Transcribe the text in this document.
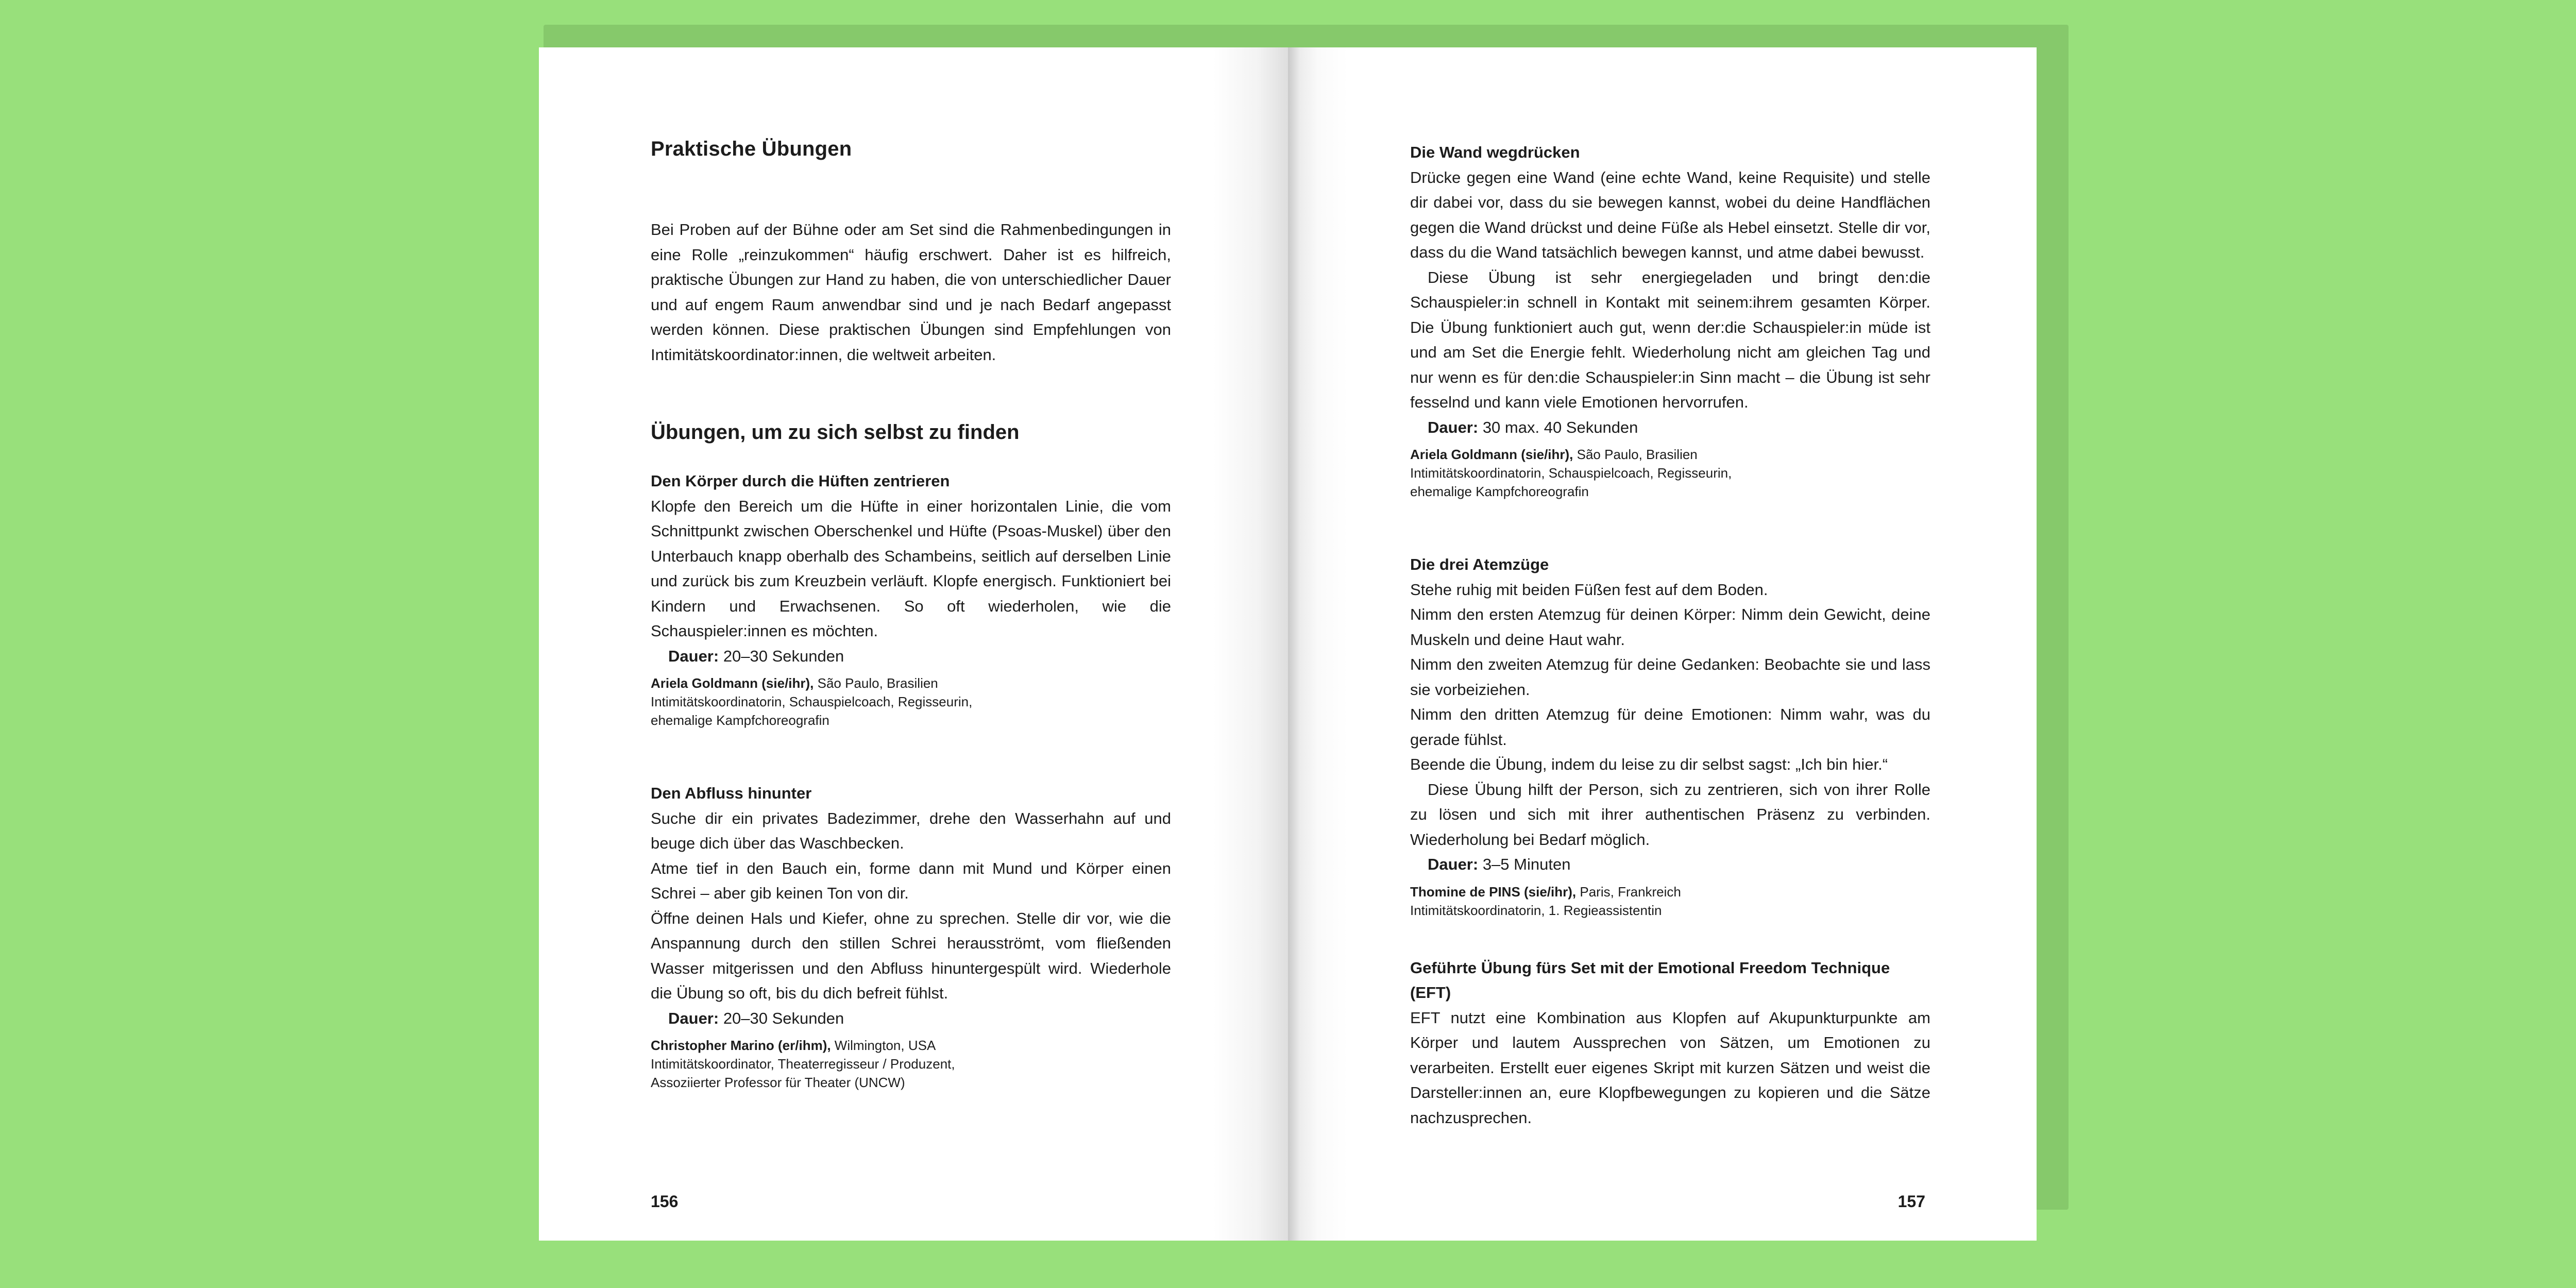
Praktische Übungen

Bei Proben auf der Bühne oder am Set sind die Rahmenbedingungen in eine Rolle „reinzukommen“ häufig erschwert. Daher ist es hilfreich, praktische Übungen zur Hand zu haben, die von unterschiedlicher Dauer und auf engem Raum anwendbar sind und je nach Bedarf angepasst werden können. Diese praktischen Übungen sind Empfehlungen von Intimitätskoordinator:innen, die weltweit arbeiten.

Übungen, um zu sich selbst zu finden
Den Körper durch die Hüften zentrieren

Klopfe den Bereich um die Hüfte in einer horizontalen Linie, die vom Schnittpunkt zwischen Oberschenkel und Hüfte (Psoas-Muskel) über den Unterbauch knapp oberhalb des Schambeins, seitlich auf derselben Linie und zurück bis zum Kreuzbein verläuft. Klopfe energisch. Funktioniert bei Kindern und Erwachsenen. So oft wiederholen, wie die Schauspieler:innen es möchten.

Dauer: 20–30 Sekunden
Ariela Goldmann (sie/ihr), São Paulo, Brasilien
Intimitätskoordinatorin, Schauspielcoach, Regisseurin,
ehemalige Kampfchoreografin
Den Abfluss hinunter

Suche dir ein privates Badezimmer, drehe den Wasserhahn auf und beuge dich über das Waschbecken.

Atme tief in den Bauch ein, forme dann mit Mund und Körper einen Schrei – aber gib keinen Ton von dir.

Öffne deinen Hals und Kiefer, ohne zu sprechen. Stelle dir vor, wie die Anspannung durch den stillen Schrei herausströmt, vom fließenden Wasser mitgerissen und den Abfluss hinuntergespült wird. Wiederhole die Übung so oft, bis du dich befreit fühlst.

Dauer: 20–30 Sekunden
Christopher Marino (er/ihm), Wilmington, USA
Intimitätskoordinator, Theaterregisseur / Produzent,
Assoziierter Professor für Theater (UNCW)
156
Die Wand wegdrücken

Drücke gegen eine Wand (eine echte Wand, keine Requisite) und stelle dir dabei vor, dass du sie bewegen kannst, wobei du deine Handflächen gegen die Wand drückst und deine Füße als Hebel einsetzt. Stelle dir vor, dass du die Wand tatsächlich bewegen kannst, und atme dabei bewusst.

Diese Übung ist sehr energiegeladen und bringt den:die Schauspieler:in schnell in Kontakt mit seinem:ihrem gesamten Körper. Die Übung funktioniert auch gut, wenn der:die Schauspieler:in müde ist und am Set die Energie fehlt. Wiederholung nicht am gleichen Tag und nur wenn es für den:die Schauspieler:in Sinn macht – die Übung ist sehr fesselnd und kann viele Emotionen hervorrufen.

Dauer: 30 max. 40 Sekunden
Ariela Goldmann (sie/ihr), São Paulo, Brasilien
Intimitätskoordinatorin, Schauspielcoach, Regisseurin,
ehemalige Kampfchoreografin
Die drei Atemzüge

Stehe ruhig mit beiden Füßen fest auf dem Boden.

Nimm den ersten Atemzug für deinen Körper: Nimm dein Gewicht, deine Muskeln und deine Haut wahr.

Nimm den zweiten Atemzug für deine Gedanken: Beobachte sie und lass sie vorbeiziehen.

Nimm den dritten Atemzug für deine Emotionen: Nimm wahr, was du gerade fühlst.

Beende die Übung, indem du leise zu dir selbst sagst: „Ich bin hier.“

Diese Übung hilft der Person, sich zu zentrieren, sich von ihrer Rolle zu lösen und sich mit ihrer authentischen Präsenz zu verbinden. Wiederholung bei Bedarf möglich.

Dauer: 3–5 Minuten
Thomine de PINS (sie/ihr), Paris, Frankreich
Intimitätskoordinatorin, 1. Regieassistentin
Geführte Übung fürs Set mit der Emotional Freedom Technique (EFT)

EFT nutzt eine Kombination aus Klopfen auf Akupunkturpunkte am Körper und lautem Aussprechen von Sätzen, um Emotionen zu verarbeiten. Erstellt euer eigenes Skript mit kurzen Sätzen und weist die Darsteller:innen an, eure Klopfbewegungen zu kopieren und die Sätze nachzusprechen.

157
